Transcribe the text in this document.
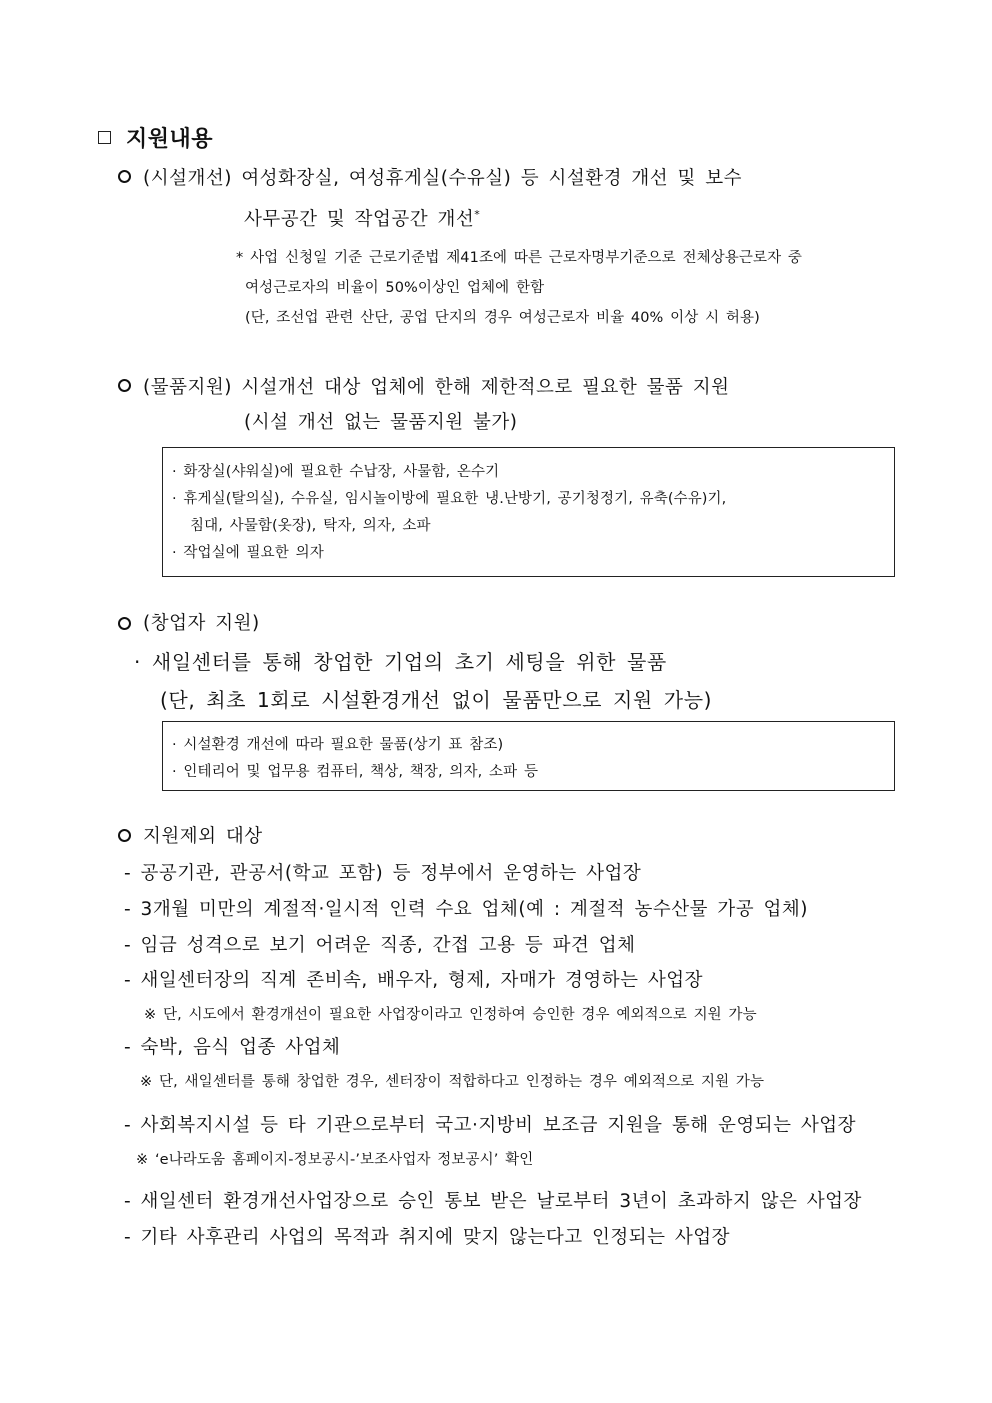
지원내용
(시설개선) 여성화장실, 여성휴게실(수유실) 등 시설환경 개선 및 보수
사무공간 및 작업공간 개선*
* 사업 신청일 기준 근로기준법 제41조에 따른 근로자명부기준으로 전체상용근로자 중
여성근로자의 비율이 50%이상인 업체에 한함
(단, 조선업 관련 산단, 공업 단지의 경우 여성근로자 비율 40% 이상 시 허용)
(물품지원) 시설개선 대상 업체에 한해 제한적으로 필요한 물품 지원
(시설 개선 없는 물품지원 불가)
· 화장실(샤워실)에 필요한 수납장, 사물함, 온수기
· 휴게실(탈의실), 수유실, 임시놀이방에 필요한 냉.난방기, 공기청정기, 유축(수유)기,
침대, 사물함(옷장), 탁자, 의자, 소파
· 작업실에 필요한 의자
(창업자 지원)
· 새일센터를 통해 창업한 기업의 초기 세팅을 위한 물품
(단, 최초 1회로 시설환경개선 없이 물품만으로 지원 가능)
· 시설환경 개선에 따라 필요한 물품(상기 표 참조)
· 인테리어 및 업무용 컴퓨터, 책상, 책장, 의자, 소파 등
지원제외 대상
- 공공기관, 관공서(학교 포함) 등 정부에서 운영하는 사업장
- 3개월 미만의 계절적·일시적 인력 수요 업체(예 : 계절적 농수산물 가공 업체)
- 임금 성격으로 보기 어려운 직종, 간접 고용 등 파견 업체
- 새일센터장의 직계 존비속, 배우자, 형제, 자매가 경영하는 사업장
※ 단, 시도에서 환경개선이 필요한 사업장이라고 인정하여 승인한 경우 예외적으로 지원 가능
- 숙박, 음식 업종 사업체
※ 단, 새일센터를 통해 창업한 경우, 센터장이 적합하다고 인정하는 경우 예외적으로 지원 가능
- 사회복지시설 등 타 기관으로부터 국고·지방비 보조금 지원을 통해 운영되는 사업장
※ ‘e나라도움 홈페이지-정보공시-’보조사업자 정보공시’ 확인
- 새일센터 환경개선사업장으로 승인 통보 받은 날로부터 3년이 초과하지 않은 사업장
- 기타 사후관리 사업의 목적과 취지에 맞지 않는다고 인정되는 사업장
